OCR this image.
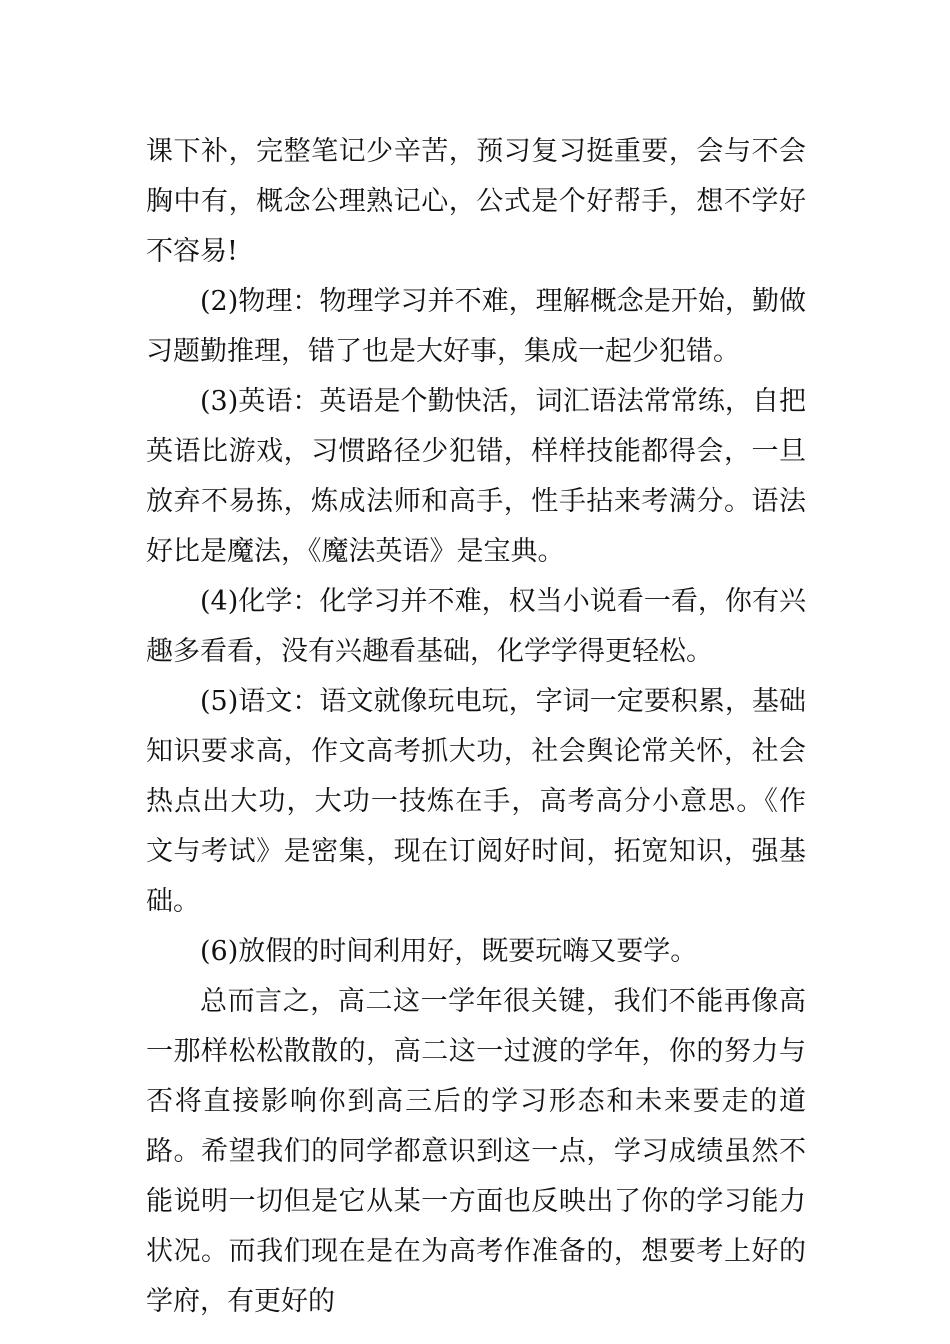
课下补，完整笔记少辛苦，预习复习挺重要，会与不会胸中有，概念公理熟记心，公式是个好帮手，想不学好不容易!

(2)物理：物理学习并不难，理解概念是开始，勤做习题勤推理，错了也是大好事，集成一起少犯错。

(3)英语：英语是个勤快活，词汇语法常常练，自把英语比游戏，习惯路径少犯错，样样技能都得会，一旦放弃不易拣，炼成法师和高手，性手拈来考满分。语法好比是魔法，《魔法英语》是宝典。

(4)化学：化学习并不难，权当小说看一看，你有兴趣多看看，没有兴趣看基础，化学学得更轻松。

(5)语文：语文就像玩电玩，字词一定要积累，基础知识要求高，作文高考抓大功，社会舆论常关怀，社会热点出大功，大功一技炼在手，高考高分小意思。《作文与考试》是密集，现在订阅好时间，拓宽知识，强基础。

(6)放假的时间利用好，既要玩嗨又要学。

总而言之，高二这一学年很关键，我们不能再像高一那样松松散散的，高二这一过渡的学年，你的努力与否将直接影响你到高三后的学习形态和未来要走的道路。希望我们的同学都意识到这一点，学习成绩虽然不能说明一切但是它从某一方面也反映出了你的学习能力状况。而我们现在是在为高考作准备的，想要考上好的学府，有更好的
